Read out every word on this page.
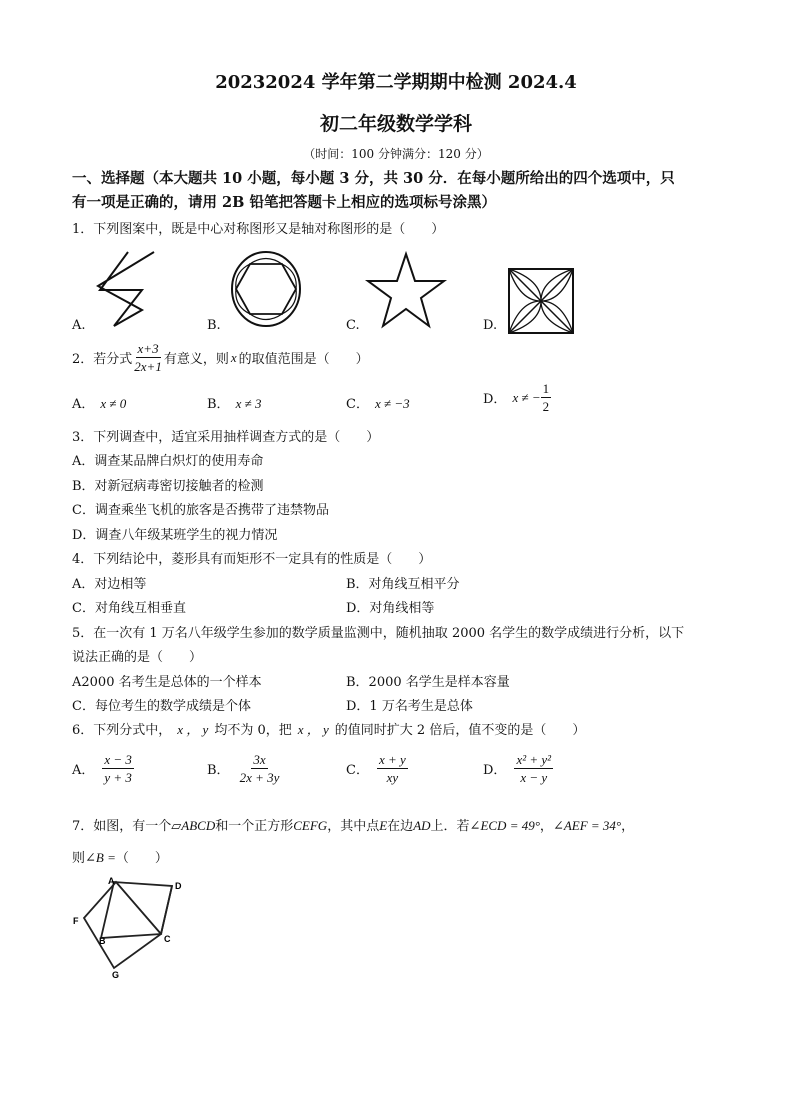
20232024 学年第二学期期中检测 2024.4
初二年级数学学科
（时间：100 分钟满分：120 分）
一、选择题（本大题共 10 小题，每小题 3 分，共 30 分．在每小题所给出的四个选项中，只
有一项是正确的，请用 2B 铅笔把答题卡上相应的选项标号涂黑）
1．下列图案中，既是中心对称图形又是轴对称图形的是（　　）
A.	B.	C.	D.
2．若分式 $\frac{x+3}{2x+1}$ 有意义，则 x 的取值范围是（　　）
A． x ≠ 0	B． x ≠ 3	C． x ≠ −3	D． x ≠ − $\frac{1}{2}$
3．下列调查中，适宜采用抽样调查方式的是（　　）
A．调查某品牌白炽灯的使用寿命
B．对新冠病毒密切接触者的检测
C．调查乘坐飞机的旅客是否携带了违禁物品
D．调查八年级某班学生的视力情况
4．下列结论中，菱形具有而矩形不一定具有的性质是（　　）
A．对边相等	B．对角线互相平分
C．对角线互相垂直	D．对角线相等
5．在一次有 1 万名八年级学生参加的数学质量监测中，随机抽取 2000 名学生的数学成绩进行分析，以下
说法正确的是（　　）
A2000 名考生是总体的一个样本	B．2000 名学生是样本容量
C．每位考生的数学成绩是个体	D．1 万名考生是总体
6．下列分式中， x ， y 均不为 0，把 x ， y 的值同时扩大 2 倍后，值不变的是（　　）
A． $\frac{x - 3}{y + 3}$	B． $\frac{3x}{2x + 3y}$	C． $\frac{x + y}{xy}$	D． $\frac{\text{x² + y²}}{x - y}$
7．如图，有一个▱ABCD和一个正方形CEFG，其中点E在边AD上．若∠ECD = 49°，∠AEF = 34°，
则∠B =（　　）
A	D
F
B	C
G
